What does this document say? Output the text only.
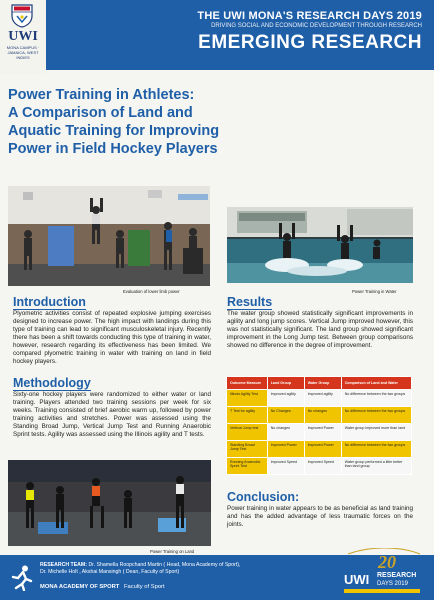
UWI
MONA CAMPUS · JAMAICA, WEST INDIES
THE UWI MONA'S RESEARCH DAYS 2019
DRIVING SOCIAL AND ECONOMIC DEVELOPMENT THROUGH RESEARCH
EMERGING RESEARCH
Power Training in Athletes:
A Comparison of Land and
Aquatic Training for Improving
Power in Field Hockey Players
Evaluation of lower limb power	Power Training in Water
Introduction
Plyometric activities consist of repeated explosive jumping exercises designed to increase power. The high impact with landings during this type of training can lead to significant musculoskeletal injury. Recently there has been a shift towards conducting this type of training in water, however, research regarding its effectiveness has been limited. We compared plyometric training in water with training on land in field hockey players.
Methodology
Sixty-one hockey players were randomized to either water or land training. Players attended two training sessions per week for six weeks. Training consisted of brief aerobic warm up, followed by power training activities and stretches. Power was assessed using the Standing Broad Jump, Vertical Jump Test and Running Anaerobic Sprint tests. Agility was assessed using the Illinois agility and T tests.
Power Training on Land
Results
The water group showed statistically significant improvements in agility and long jump scores. Vertical Jump improved however, this was not statistically significant. The land group showed significant improvement in the Long Jump test. Between group comparisons showed no difference in the degree of improvement.
Outcome Measure	Land Group	Water Group	Comparison of Land and Water
Illinois Agility Test	Improved agility	Improved agility	No difference between the two groups
T Test for agility	No Changes	No changes	No difference between the two groups
Vertical Jump test	No changes	Improved Power	Water group improved more than land
Standing Broad Jump Test	Improved Power	Improved Power	No difference between the two groups
Running Anaerobic Sprint Test	Improved Speed	Improved Speed	Water group performed a little better than land group
Conclusion:
Power training in water appears to be as beneficial as land training and has the added advantage of less traumatic forces on the joints.
RESEARCH TEAM: Dr. Shamella Roopchand Martin ( Head, Mona Academy of Sport),
Dr. Michelle Holt , Akshai Mansingh ( Dean, Faculty of Sport)
MONA ACADEMY OF SPORT Faculty of Sport
20
UWI RESEARCH
DAYS 2019
